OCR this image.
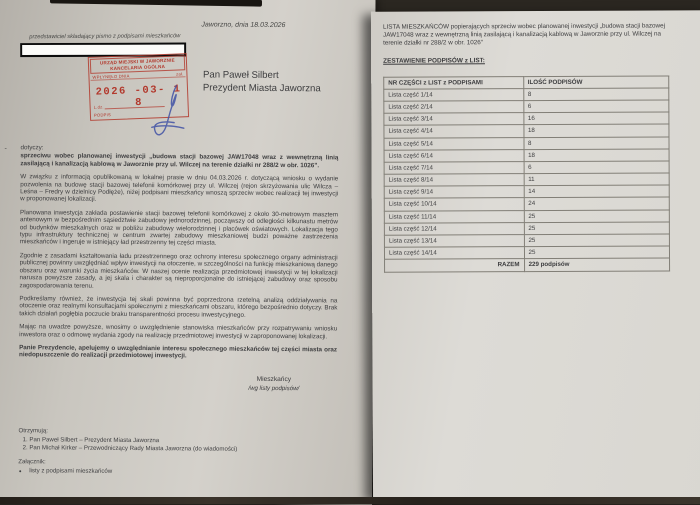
Jaworzno, dnia 18.03.2026
przedstawiciel składający pismo z podpisami mieszkańców
URZĄD MIEJSKI W JAWORZNIE
KANCELARIA OGÓLNA
WPŁYNĘŁO DNIA	zał.
2026 -03- 1 8
L.dz.
PODPIS
Pan Paweł Silbert
Prezydent Miasta Jaworzna
- dotyczy:

sprzeciwu wobec planowanej inwestycji „budowa stacji bazowej JAW17048 wraz z wewnętrzną linią zasilającą i kanalizacją kablową w Jaworznie przy ul. Wilczej na terenie działki nr 288/2 w obr. 1026”.

W związku z informacją opublikowaną w lokalnej prasie w dniu 04.03.2026 r. dotyczącą wniosku o wydanie pozwolenia na budowę stacji bazowej telefonii komórkowej przy ul. Wilczej (rejon skrzyżowania ulic Wilcza – Leśna – Fredry w dzielnicy Podłęże), niżej podpisani mieszkańcy wnoszą sprzeciw wobec realizacji tej inwestycji w proponowanej lokalizacji.

Planowana inwestycja zakłada postawienie stacji bazowej telefonii komórkowej z około 30-metrowym masztem antenowym w bezpośrednim sąsiedztwie zabudowy jednorodzinnej, począwszy od odległości kilkunastu metrów od budynków mieszkalnych oraz w pobliżu zabudowy wielorodzinnej i placówek oświatowych. Lokalizacja tego typu infrastruktury technicznej w centrum zwartej zabudowy mieszkaniowej budzi poważne zastrzeżenia mieszkańców i ingeruje w istniejący ład przestrzenny tej części miasta.

Zgodnie z zasadami kształtowania ładu przestrzennego oraz ochrony interesu społecznego organy administracji publicznej powinny uwzględniać wpływ inwestycji na otoczenie, w szczególności na funkcję mieszkaniową danego obszaru oraz warunki życia mieszkańców. W naszej ocenie realizacja przedmiotowej inwestycji w tej lokalizacji narusza powyższe zasady, a jej skala i charakter są nieproporcjonalne do istniejącej zabudowy oraz sposobu zagospodarowania terenu.

Podkreślamy również, że inwestycja tej skali powinna być poprzedzona rzetelną analizą oddziaływania na otoczenie oraz realnymi konsultacjami społecznymi z mieszkańcami obszaru, którego bezpośrednio dotyczy. Brak takich działań pogłębia poczucie braku transparentności procesu inwestycyjnego.

Mając na uwadze powyższe, wnosimy o uwzględnienie stanowiska mieszkańców przy rozpatrywaniu wniosku inwestora oraz o odmowę wydania zgody na realizację przedmiotowej inwestycji w zaproponowanej lokalizacji.

Panie Prezydencie, apelujemy o uwzględnianie interesu społecznego mieszkańców tej części miasta oraz niedopuszczenie do realizacji przedmiotowej inwestycji.

Mieszkańcy
/wg listy podpisów/
Otrzymują:
1. Pan Paweł Silbert – Prezydent Miasta Jaworzna
2. Pan Michał Kirker – Przewodniczący Rady Miasta Jaworzna (do wiadomości)
Załącznik:
• listy z podpisami mieszkańców
LISTA MIESZKAŃCÓW popierających sprzeciw wobec planowanej inwestycji „budowa stacji bazowej JAW17048 wraz z wewnętrzną linią zasilającą i kanalizacją kablową w Jaworznie przy ul. Wilczej na terenie działki nr 288/2 w obr. 1026”
ZESTAWIENIE PODPISÓW z LIST:
NR CZĘŚCI z LIST z PODPISAMI	ILOŚĆ PODPISÓW
Lista część 1/14	8
Lista część 2/14	6
Lista część 3/14	16
Lista część 4/14	18
Lista część 5/14	8
Lista część 6/14	18
Lista część 7/14	6
Lista część 8/14	11
Lista część 9/14	14
Lista część 10/14	24
Lista część 11/14	25
Lista część 12/14	25
Lista część 13/14	25
Lista część 14/14	25
RAZEM	229 podpisów
